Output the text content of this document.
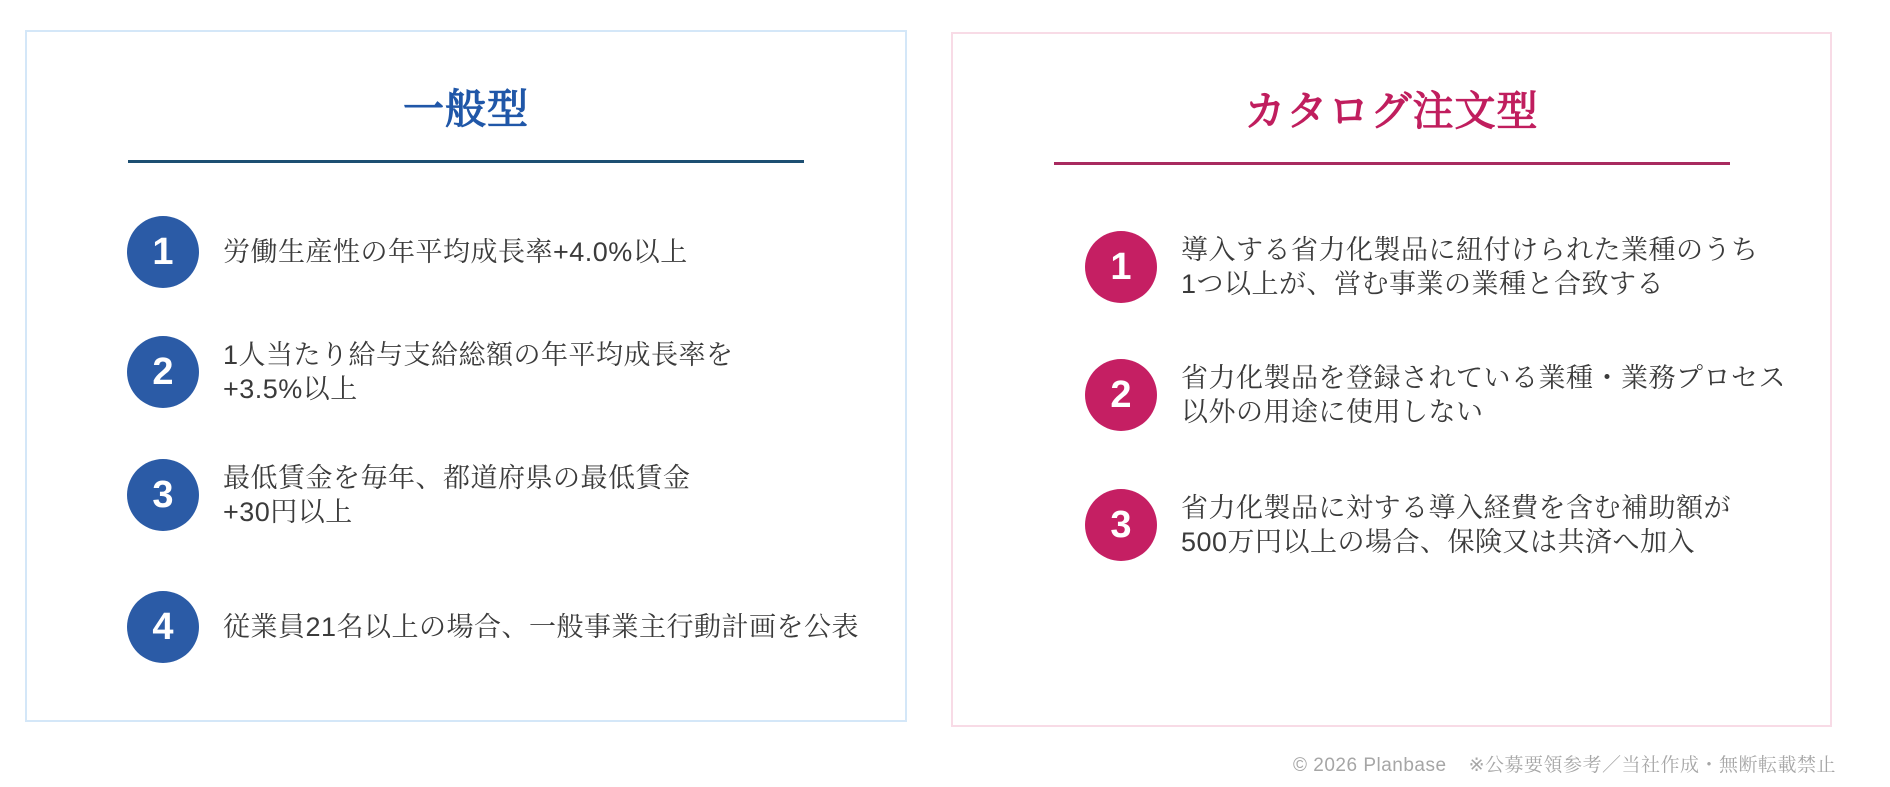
一般型
1	労働生産性の年平均成長率+4.0%以上
2	1人当たり給与支給総額の年平均成長率を
+3.5%以上
3	最低賃金を毎年、都道府県の最低賃金
+30円以上
4	従業員21名以上の場合、一般事業主行動計画を公表
カタログ注文型
1	導入する省力化製品に紐付けられた業種のうち
1つ以上が、営む事業の業種と合致する
2	省力化製品を登録されている業種・業務プロセス
以外の用途に使用しない
3	省力化製品に対する導入経費を含む補助額が
500万円以上の場合、保険又は共済へ加入
© 2026 Planbase ※公募要領参考／当社作成・無断転載禁止
